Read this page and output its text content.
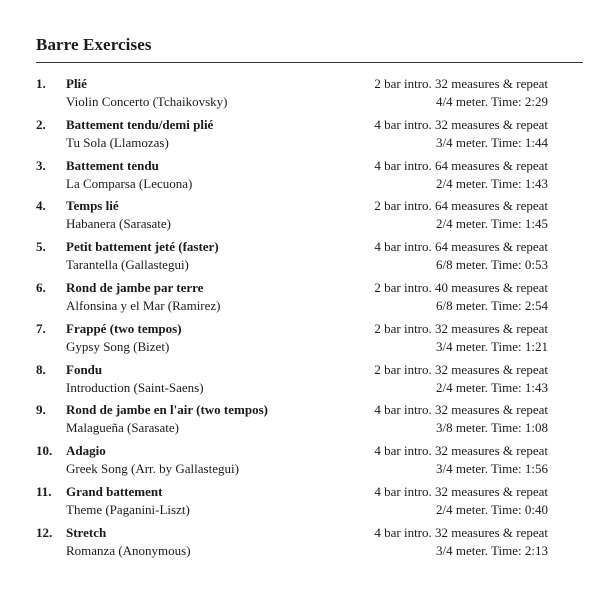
Barre Exercises
1. Plié
Violin Concerto (Tchaikovsky)
2 bar intro. 32 measures & repeat
4/4 meter. Time: 2:29
2. Battement tendu/demi plié
Tu Sola (Llamozas)
4 bar intro. 32 measures & repeat
3/4 meter. Time: 1:44
3. Battement tendu
La Comparsa (Lecuona)
4 bar intro. 64 measures & repeat
2/4 meter. Time: 1:43
4. Temps lié
Habanera (Sarasate)
2 bar intro. 64 measures & repeat
2/4 meter. Time: 1:45
5. Petit battement jeté (faster)
Tarantella (Gallastegui)
4 bar intro. 64 measures & repeat
6/8 meter. Time: 0:53
6. Rond de jambe par terre
Alfonsina y el Mar (Ramirez)
2 bar intro. 40 measures & repeat
6/8 meter. Time: 2:54
7. Frappé (two tempos)
Gypsy Song (Bizet)
2 bar intro. 32 measures & repeat
3/4 meter. Time: 1:21
8. Fondu
Introduction (Saint-Saens)
2 bar intro. 32 measures & repeat
2/4 meter. Time: 1:43
9. Rond de jambe en l'air (two tempos)
Malagueña (Sarasate)
4 bar intro. 32 measures & repeat
3/8 meter. Time: 1:08
10. Adagio
Greek Song (Arr. by Gallastegui)
4 bar intro. 32 measures & repeat
3/4 meter. Time: 1:56
11. Grand battement
Theme (Paganini-Liszt)
4 bar intro. 32 measures & repeat
2/4 meter. Time: 0:40
12. Stretch
Romanza (Anonymous)
4 bar intro. 32 measures & repeat
3/4 meter. Time: 2:13
